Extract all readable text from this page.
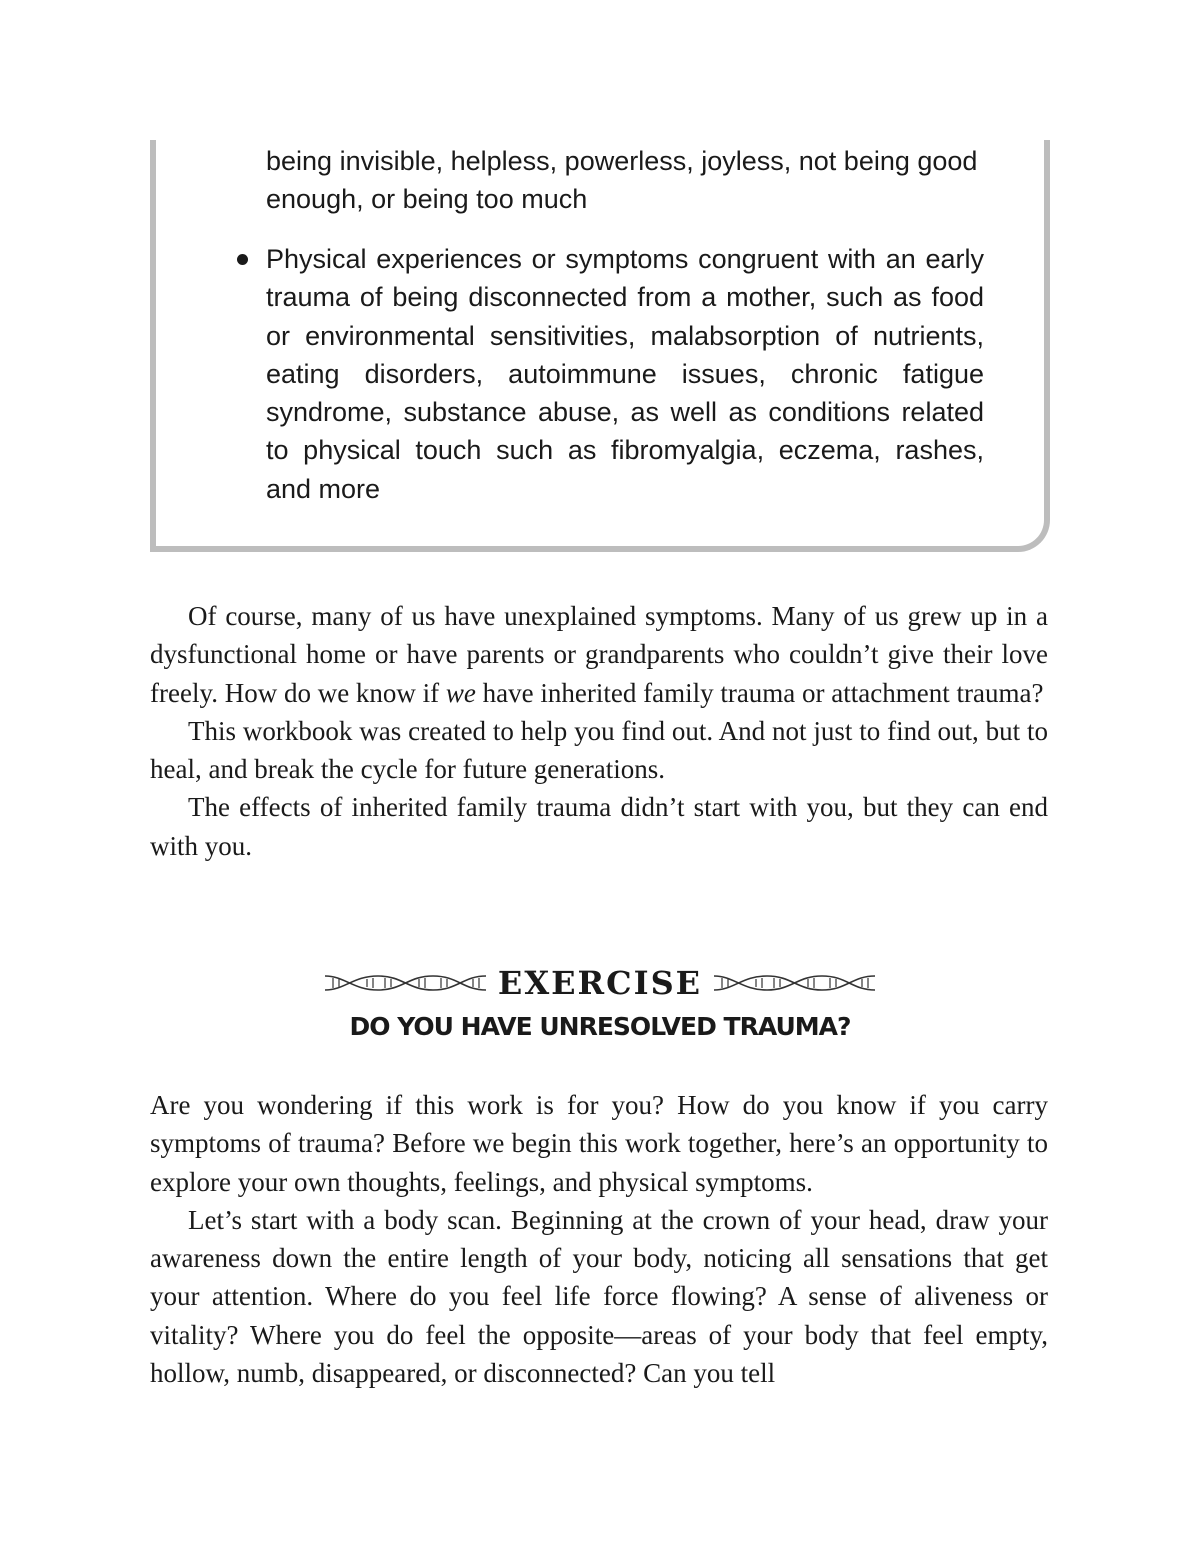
being invisible, helpless, powerless, joyless, not being good enough, or being too much

Physical experiences or symptoms congruent with an early trauma of being disconnected from a mother, such as food or environmental sensitivities, malabsorption of nutrients, eating disorders, autoimmune issues, chronic fatigue syndrome, substance abuse, as well as conditions related to physical touch such as fibromyalgia, eczema, rashes, and more

Of course, many of us have unexplained symptoms. Many of us grew up in a dysfunctional home or have parents or grandparents who couldn’t give their love freely. How do we know if we have inherited family trauma or attachment trauma?

This workbook was created to help you find out. And not just to find out, but to heal, and break the cycle for future generations.

The effects of inherited family trauma didn’t start with you, but they can end with you.

EXERCISE
DO YOU HAVE UNRESOLVED TRAUMA?

Are you wondering if this work is for you? How do you know if you carry symptoms of trauma? Before we begin this work together, here’s an opportunity to explore your own thoughts, feelings, and physical symptoms.

Let’s start with a body scan. Beginning at the crown of your head, draw your awareness down the entire length of your body, noticing all sensations that get your attention. Where do you feel life force flowing? A sense of aliveness or vitality? Where you do feel the opposite—areas of your body that feel empty, hollow, numb, disappeared, or disconnected? Can you tell
